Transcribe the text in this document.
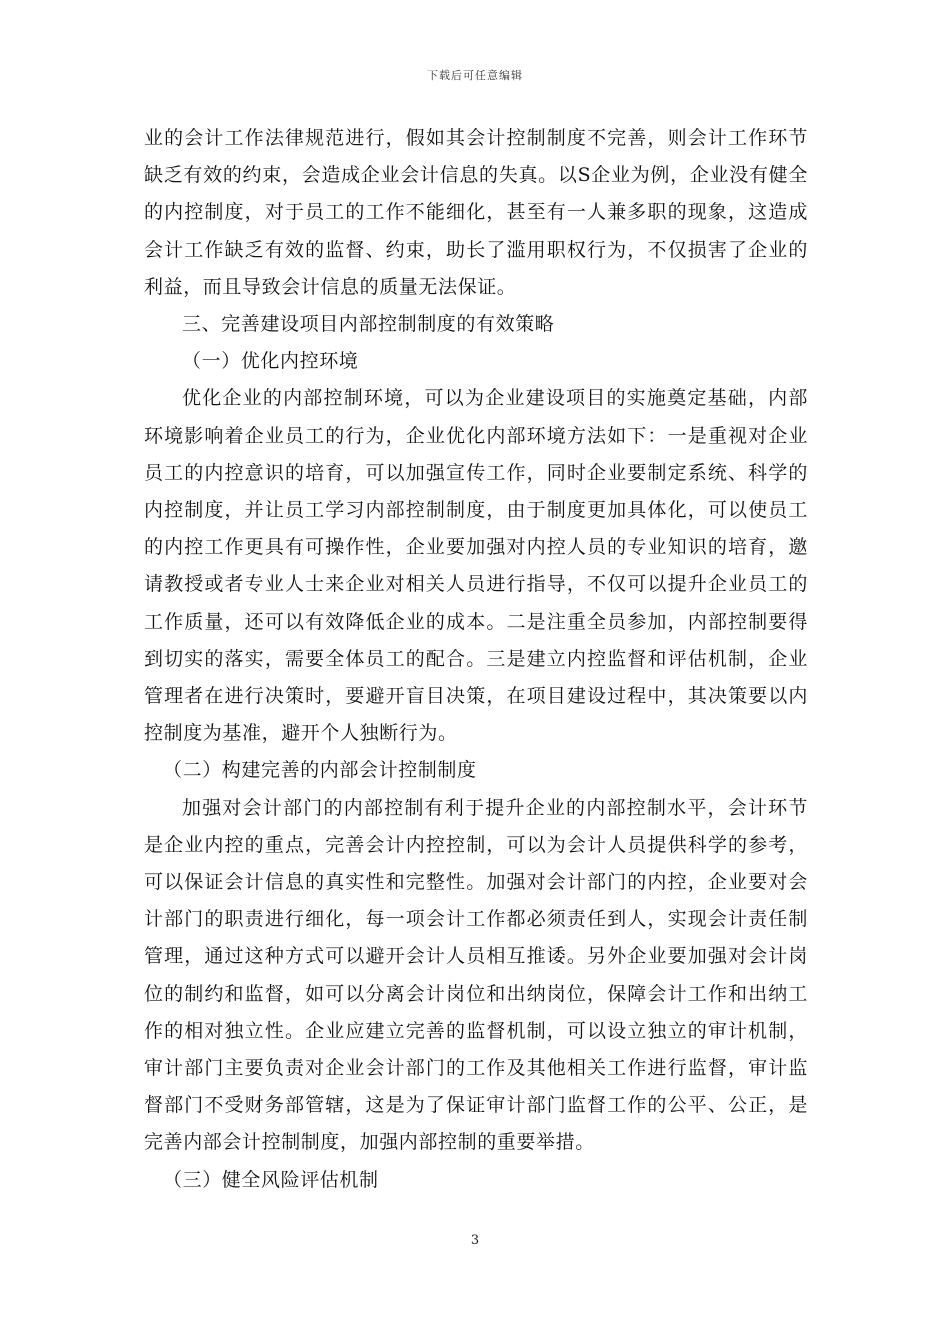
下载后可任意编辑

业的会计工作法律规范进行，假如其会计控制制度不完善，则会计工作环节缺乏有效的约束，会造成企业会计信息的失真。以S企业为例，企业没有健全的内控制度，对于员工的工作不能细化，甚至有一人兼多职的现象，这造成会计工作缺乏有效的监督、约束，助长了滥用职权行为，不仅损害了企业的利益，而且导致会计信息的质量无法保证。

三、完善建设项目内部控制制度的有效策略

（一）优化内控环境

优化企业的内部控制环境，可以为企业建设项目的实施奠定基础，内部环境影响着企业员工的行为，企业优化内部环境方法如下：一是重视对企业员工的内控意识的培育，可以加强宣传工作，同时企业要制定系统、科学的内控制度，并让员工学习内部控制制度，由于制度更加具体化，可以使员工的内控工作更具有可操作性，企业要加强对内控人员的专业知识的培育，邀请教授或者专业人士来企业对相关人员进行指导，不仅可以提升企业员工的工作质量，还可以有效降低企业的成本。二是注重全员参加，内部控制要得到切实的落实，需要全体员工的配合。三是建立内控监督和评估机制，企业管理者在进行决策时，要避开盲目决策，在项目建设过程中，其决策要以内控制度为基准，避开个人独断行为。

（二）构建完善的内部会计控制制度

加强对会计部门的内部控制有利于提升企业的内部控制水平，会计环节是企业内控的重点，完善会计内控控制，可以为会计人员提供科学的参考，可以保证会计信息的真实性和完整性。加强对会计部门的内控，企业要对会计部门的职责进行细化，每一项会计工作都必须责任到人，实现会计责任制管理，通过这种方式可以避开会计人员相互推诿。另外企业要加强对会计岗位的制约和监督，如可以分离会计岗位和出纳岗位，保障会计工作和出纳工作的相对独立性。企业应建立完善的监督机制，可以设立独立的审计机制，审计部门主要负责对企业会计部门的工作及其他相关工作进行监督，审计监督部门不受财务部管辖，这是为了保证审计部门监督工作的公平、公正，是完善内部会计控制制度，加强内部控制的重要举措。

（三）健全风险评估机制

3
